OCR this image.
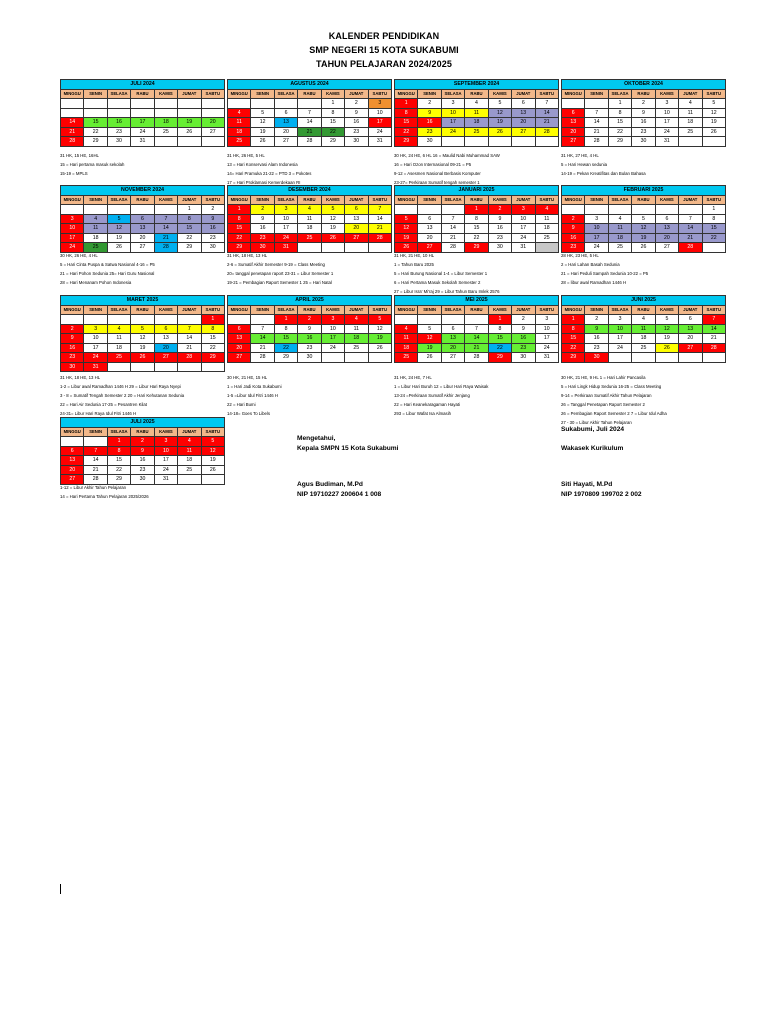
KALENDER PENDIDIKAN
SMP NEGERI 15 KOTA SUKABUMI
TAHUN PELAJARAN 2024/2025
JULI 2024						
MINGGU	SENIN	SELASA	RABU	KAMIS	JUMAT	SABTU

14	15	16	17	18	19	20
21	22	23	24	25	26	27
28	29	30	31			
31 HK, 15 HE, 16HL
15 = Hari pertama masuk sekolah
15-19 = MPLS
AGUSTUS 2024						
MINGGU	SENIN	SELASA	RABU	KAMIS	JUMAT	SABTU
				1	2	3
4	5	6	7	8	9	10
11	12	13	14	15	16	17
18	19	20	21	22	23	24
25	26	27	28	29	30	31
31 HK, 26 HE, 5 HL
13 = Hari Konservasi Alam Indonesia
14= Hari Pramuka 21-22 = PTD 3 = Pokotes
17 = Hari Proklamasi Kemerdekaan RI
SEPTEMBER 2024						
MINGGU	SENIN	SELASA	RABU	KAMIS	JUMAT	SABTU
1	2	3	4	5	6	7
8	9	10	11	12	13	14
15	16	17	18	19	20	21
22	23	24	25	26	27	28
29	30					
30 HK, 24 HE, 6 HL 16 = Maulid Nabi Muhammad SAW
16 = Hari Ozon Internasional 09-21 = P5
9-12 = Asesmen Nasional Berbasis Komputer
23-27= Perkiraan Sumatif tengah semester 1
OKTOBER 2024						
MINGGU	SENIN	SELASA	RABU	KAMIS	JUMAT	SABTU
		1	2	3	4	5
6	7	8	9	10	11	12
13	14	15	16	17	18	19
20	21	22	23	24	25	26
27	28	29	30	31		
31 HK, 27 HE, 4 HL
5 = Hari Hewan sedunia
14-19 = Pekan Kreatifitas dan Bulan Bahasa
NOVEMBER 2024						
MINGGU	SENIN	SELASA	RABU	KAMIS	JUMAT	SABTU
					1	2
3	4	5	6	7	8	9
10	11	12	13	14	15	16
17	18	19	20	21	22	23
24	25	26	27	28	29	30
30 HK, 26 HE, 4 HL
5 = Hari Cinta Puspa & Satwa Nasional 4-16 = P5
21 = Hari Pohon Sedunia 25= Hari Guru Nasional
28 = Hari Menanam Pohon Indonesia
DESEMBER 2024						
MINGGU	SENIN	SELASA	RABU	KAMIS	JUMAT	SABTU
1	2	3	4	5	6	7
8	9	10	11	12	13	14
15	16	17	18	19	20	21
22	23	24	25	26	27	28
29	30	31				
31 HK, 18 HE, 13 HL
2-6 = Sumatif Akhir Semester 9-19 = Class Meeting
20= tanggal penetapan raport 23-31 = Libur Semester 1
19-21 = Pembagian Raport Semester 1 25 = Hari Natal
JANUARI 2025						
MINGGU	SENIN	SELASA	RABU	KAMIS	JUMAT	SABTU
			1	2	3	4
5	6	7	8	9	10	11
12	13	14	15	16	17	18
19	20	21	22	23	24	25
26	27	28	29	30	31	
31 HK, 21 HE, 10 HL
1 = Tahun Baru 2025
5 = Hari Burung Nasional 1-4 = Libur Semester 1
6 = Hari Pertama Masuk Sekolah Semester 2
27 = Libur Isra' Mi'raj 29 = Libur Tahun Baru Imlek 2576
FEBRUARI 2025						
MINGGU	SENIN	SELASA	RABU	KAMIS	JUMAT	SABTU
						1
2	3	4	5	6	7	8
9	10	11	12	13	14	15
16	17	18	19	20	21	22
23	24	25	26	27	28	
28 HK, 23 HE, 5 HL
2 = Hari Lahan Basah Sedunia
21 = Hari Peduli Sampah Sedunia 10-22 = P5
28 = libur awal Ramadhan 1446 H
MARET 2025						
MINGGU	SENIN	SELASA	RABU	KAMIS	JUMAT	SABTU
						1
2	3	4	5	6	7	8
9	10	11	12	13	14	15
16	17	18	19	20	21	22
23	24	25	26	27	28	29
30	31					
31 HK, 18 HE, 13 HL
1-2 = Libur awal Ramadhan 1446 H 29 = Libur Hari Raya Nyepi
3 - 8 = Sumatif Tengah Semester 2 20 = Hari Kehutanan Sedunia
22 = Hari Air Sedunia 17-25 = Pesantren Kilat
24-31= Libur Hari Raya Idul Fitri 1446 H
APRIL 2025						
MINGGU	SENIN	SELASA	RABU	KAMIS	JUMAT	SABTU
		1	2	3	4	5
6	7	8	9	10	11	12
13	14	15	16	17	18	19
20	21	22	23	24	25	26
27	28	29	30			
30 HK, 21 HE, 15 HL
1 = Hari Jadi Kota Sukabumi
1-5 =Libur Idul Fitri 1446 H
22 = Hari Bumi
14-18= Goes To Libels
MEI 2025						
MINGGU	SENIN	SELASA	RABU	KAMIS	JUMAT	SABTU
				1	2	3
4	5	6	7	8	9	10
11	12	13	14	15	16	17
18	19	20	21	22	23	24
25	26	27	28	29	30	31
31 HK, 24 HE, 7 HL
1 = Libur Hari Buruh 12 = Libur Hari Raya Waisak
13-24 =Perkiraan Sumatif Akhir Jenjang
22 = Hari Keanekaragaman Hayati
293 = Libur Wafat Isa Almasih
JUNI 2025						
MINGGU	SENIN	SELASA	RABU	KAMIS	JUMAT	SABTU
1	2	3	4	5	6	7
8	9	10	11	12	13	14
15	16	17	18	19	20	21
22	23	24	25	26	27	28
29	30					
30 HK, 21 HE, 9 HL 1 = Hari Lahir Pancasila
5 = Hari Lingk Hidup Sedunia 16-25 = Class Meeting
9-14 = Perkiraan Sumatif Akhir Tahun Pelajaran
26 = Tanggal Penetapan Raport Semester 2
26 = Pembagian Raport Semester 2 7 = Libur Idul Adha
27 - 30 = Libur Akhir Tahun Pelajaran
JULI 2025						
MINGGU	SENIN	SELASA	RABU	KAMIS	JUMAT	SABTU
		1	2	3	4	5
6	7	8	9	10	11	12
13	14	15	16	17	18	19
20	21	22	23	24	25	26
27	28	29	30	31		
1-12 = Libur Akhir Tahun Pelajaran
14 = Hari Pertama Tahun Pelajaran 2025/2026
Mengetahui,
Kepala SMPN 15 Kota Sukabumi
Agus Budiman, M.Pd
NIP 19710227 200604 1 008
Sukabumi, Juli 2024
Wakasek Kurikulum
Siti Hayati, M.Pd
NIP 1970809 199702 2 002
